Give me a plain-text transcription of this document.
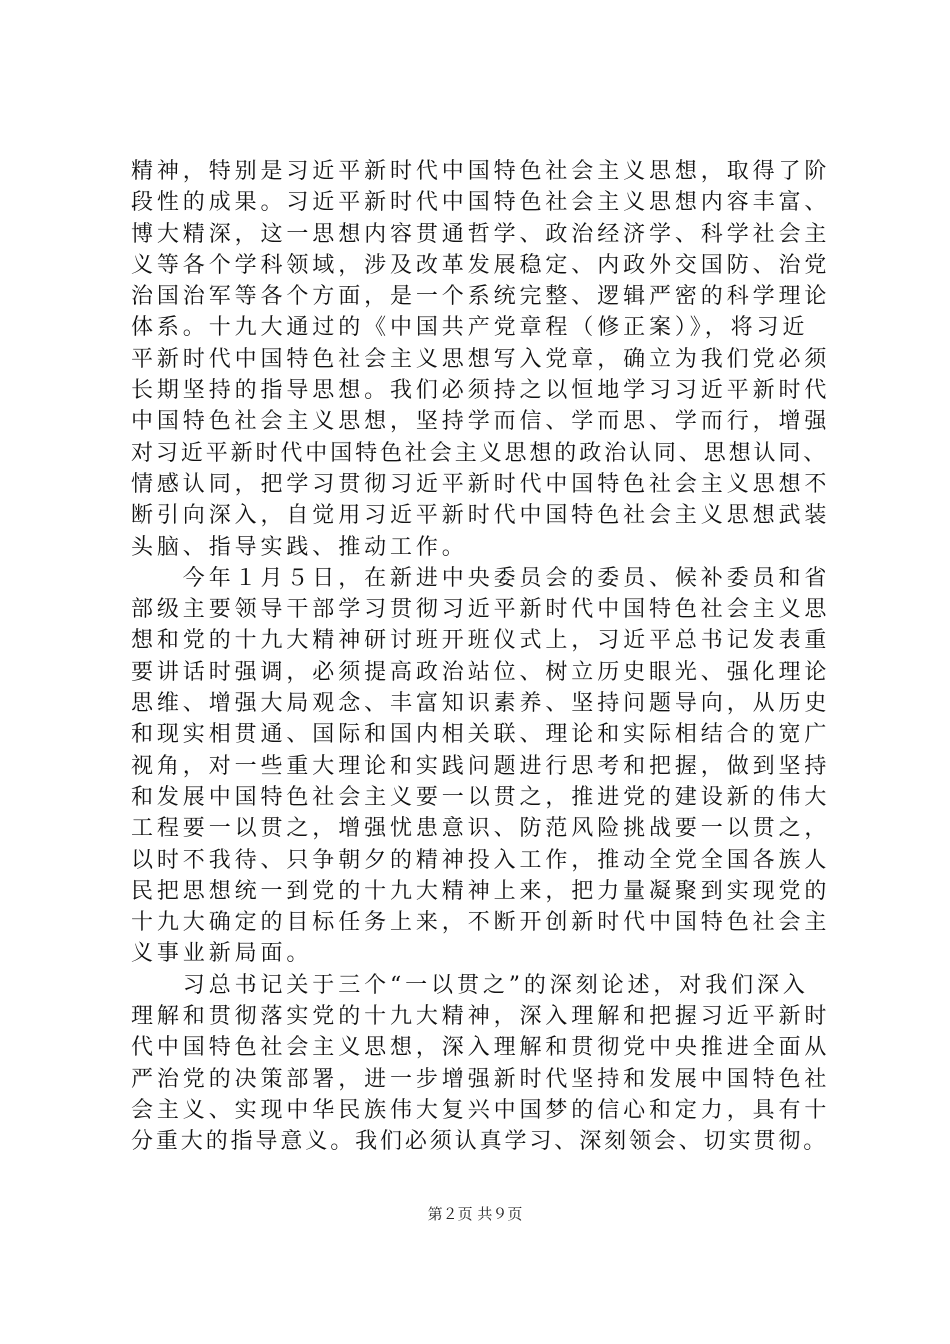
精神，特别是习近平新时代中国特色社会主义思想，取得了阶
段性的成果。习近平新时代中国特色社会主义思想内容丰富、
博大精深，这一思想内容贯通哲学、政治经济学、科学社会主
义等各个学科领域，涉及改革发展稳定、内政外交国防、治党
治国治军等各个方面，是一个系统完整、逻辑严密的科学理论
体系。十九大通过的《中国共产党章程（修正案）》，将习近
平新时代中国特色社会主义思想写入党章，确立为我们党必须
长期坚持的指导思想。我们必须持之以恒地学习习近平新时代
中国特色社会主义思想，坚持学而信、学而思、学而行，增强
对习近平新时代中国特色社会主义思想的政治认同、思想认同、
情感认同，把学习贯彻习近平新时代中国特色社会主义思想不
断引向深入，自觉用习近平新时代中国特色社会主义思想武装
头脑、指导实践、推动工作。
　　今年１月５日，在新进中央委员会的委员、候补委员和省
部级主要领导干部学习贯彻习近平新时代中国特色社会主义思
想和党的十九大精神研讨班开班仪式上，习近平总书记发表重
要讲话时强调，必须提高政治站位、树立历史眼光、强化理论
思维、增强大局观念、丰富知识素养、坚持问题导向，从历史
和现实相贯通、国际和国内相关联、理论和实际相结合的宽广
视角，对一些重大理论和实践问题进行思考和把握，做到坚持
和发展中国特色社会主义要一以贯之，推进党的建设新的伟大
工程要一以贯之，增强忧患意识、防范风险挑战要一以贯之，
以时不我待、只争朝夕的精神投入工作，推动全党全国各族人
民把思想统一到党的十九大精神上来，把力量凝聚到实现党的
十九大确定的目标任务上来，不断开创新时代中国特色社会主
义事业新局面。
　　习总书记关于三个“一以贯之”的深刻论述，对我们深入
理解和贯彻落实党的十九大精神，深入理解和把握习近平新时
代中国特色社会主义思想，深入理解和贯彻党中央推进全面从
严治党的决策部署，进一步增强新时代坚持和发展中国特色社
会主义、实现中华民族伟大复兴中国梦的信心和定力，具有十
分重大的指导意义。我们必须认真学习、深刻领会、切实贯彻。
第２页 共９页
